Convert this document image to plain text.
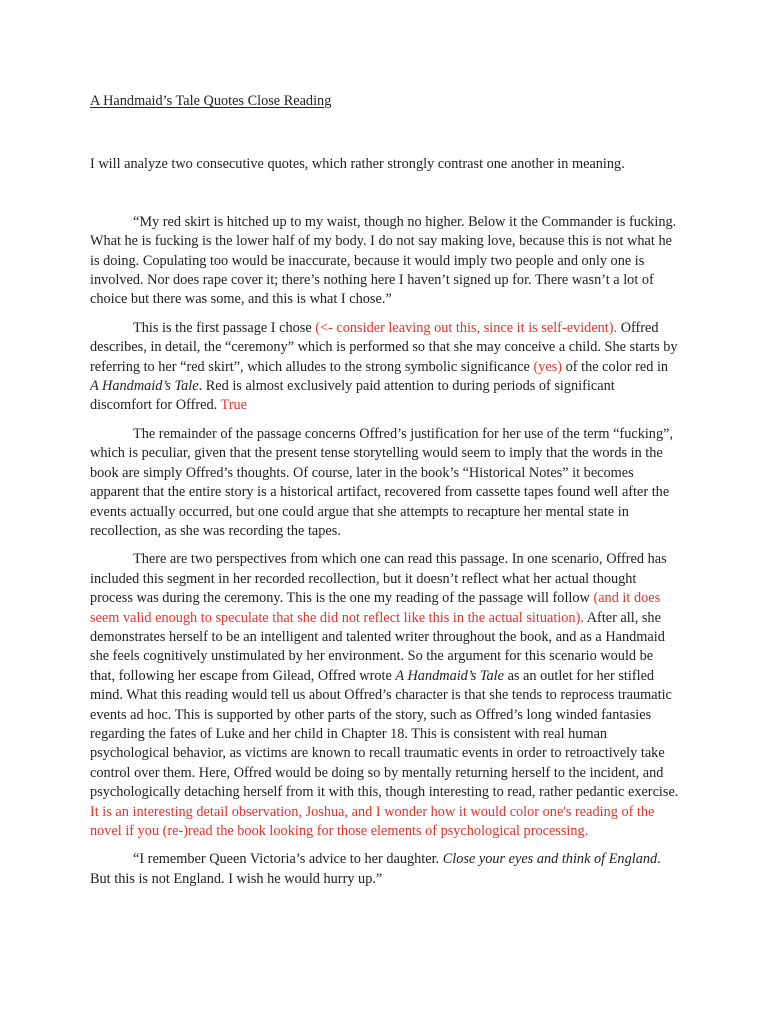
A Handmaid’s Tale Quotes Close Reading

I will analyze two consecutive quotes, which rather strongly contrast one another in meaning.

“My red skirt is hitched up to my waist, though no higher. Below it the Commander is fucking. What he is fucking is the lower half of my body. I do not say making love, because this is not what he is doing. Copulating too would be inaccurate, because it would imply two people and only one is involved. Nor does rape cover it; there’s nothing here I haven’t signed up for. There wasn’t a lot of choice but there was some, and this is what I chose.”

This is the first passage I chose (<- consider leaving out this, since it is self-evident). Offred describes, in detail, the “ceremony” which is performed so that she may conceive a child. She starts by referring to her “red skirt”, which alludes to the strong symbolic significance (yes) of the color red in A Handmaid’s Tale. Red is almost exclusively paid attention to during periods of significant discomfort for Offred. True

The remainder of the passage concerns Offred’s justification for her use of the term “fucking”, which is peculiar, given that the present tense storytelling would seem to imply that the words in the book are simply Offred’s thoughts. Of course, later in the book’s “Historical Notes” it becomes apparent that the entire story is a historical artifact, recovered from cassette tapes found well after the events actually occurred, but one could argue that she attempts to recapture her mental state in recollection, as she was recording the tapes.

There are two perspectives from which one can read this passage. In one scenario, Offred has included this segment in her recorded recollection, but it doesn’t reflect what her actual thought process was during the ceremony. This is the one my reading of the passage will follow (and it does seem valid enough to speculate that she did not reflect like this in the actual situation). After all, she demonstrates herself to be an intelligent and talented writer throughout the book, and as a Handmaid she feels cognitively unstimulated by her environment. So the argument for this scenario would be that, following her escape from Gilead, Offred wrote A Handmaid’s Tale as an outlet for her stifled mind. What this reading would tell us about Offred’s character is that she tends to reprocess traumatic events ad hoc. This is supported by other parts of the story, such as Offred’s long winded fantasies regarding the fates of Luke and her child in Chapter 18. This is consistent with real human psychological behavior, as victims are known to recall traumatic events in order to retroactively take control over them. Here, Offred would be doing so by mentally returning herself to the incident, and psychologically detaching herself from it with this, though interesting to read, rather pedantic exercise. It is an interesting detail observation, Joshua, and I wonder how it would color one's reading of the novel if you (re-)read the book looking for those elements of psychological processing.

“I remember Queen Victoria’s advice to her daughter. Close your eyes and think of England. But this is not England. I wish he would hurry up.”
